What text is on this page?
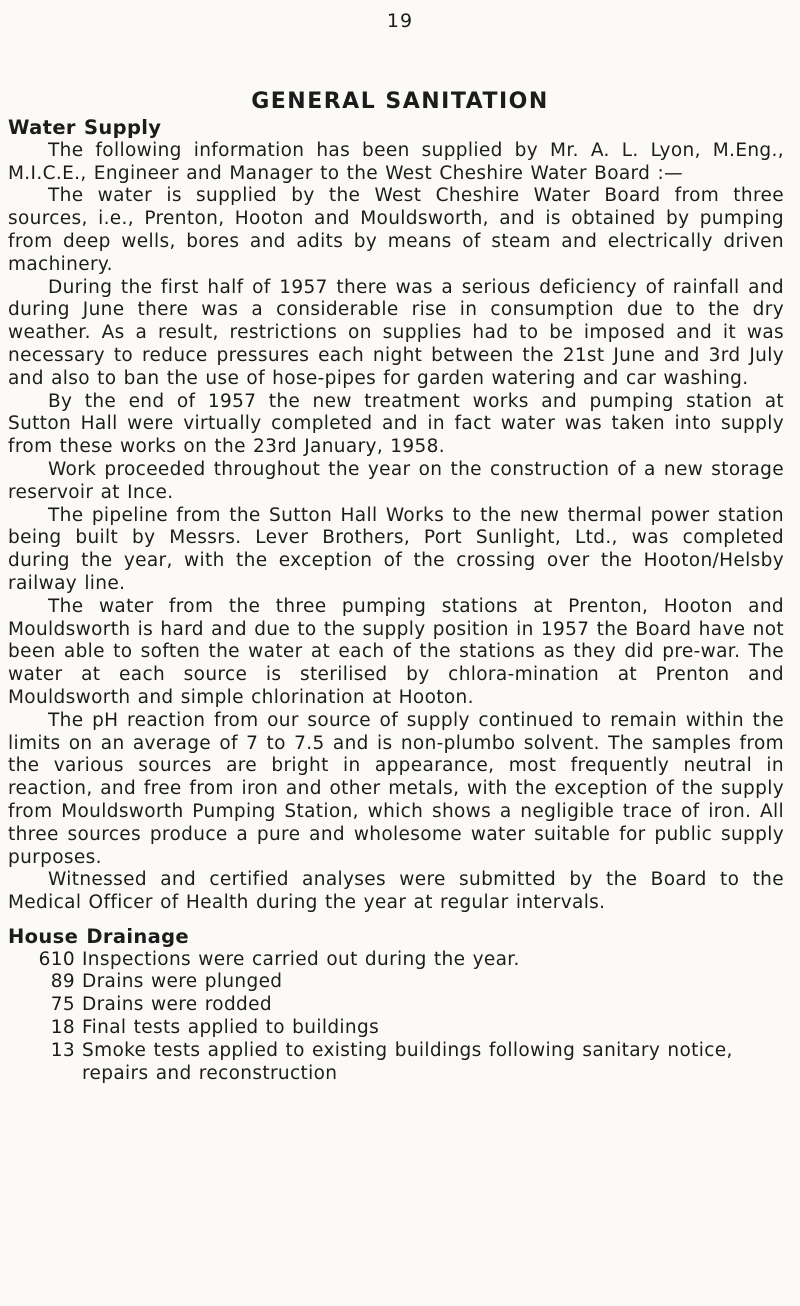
19
GENERAL SANITATION
Water Supply

The following information has been supplied by Mr. A. L. Lyon, M.Eng., M.I.C.E., Engineer and Manager to the West Cheshire Water Board :—

The water is supplied by the West Cheshire Water Board from three sources, i.e., Prenton, Hooton and Mouldsworth, and is obtained by pumping from deep wells, bores and adits by means of steam and electrically driven machinery.

During the first half of 1957 there was a serious deficiency of rainfall and during June there was a considerable rise in consumption due to the dry weather. As a result, restrictions on supplies had to be imposed and it was necessary to reduce pressures each night between the 21st June and 3rd July and also to ban the use of hose-pipes for garden watering and car washing.

By the end of 1957 the new treatment works and pumping station at Sutton Hall were virtually completed and in fact water was taken into supply from these works on the 23rd January, 1958.

Work proceeded throughout the year on the construction of a new storage reservoir at Ince.

The pipeline from the Sutton Hall Works to the new thermal power station being built by Messrs. Lever Brothers, Port Sunlight, Ltd., was completed during the year, with the exception of the crossing over the Hooton/Helsby railway line.

The water from the three pumping stations at Prenton, Hooton and Mouldsworth is hard and due to the supply position in 1957 the Board have not been able to soften the water at each of the stations as they did pre-war. The water at each source is sterilised by chlora-mination at Prenton and Mouldsworth and simple chlorination at Hooton.

The pH reaction from our source of supply continued to remain within the limits on an average of 7 to 7.5 and is non-plumbo solvent. The samples from the various sources are bright in appearance, most frequently neutral in reaction, and free from iron and other metals, with the exception of the supply from Mouldsworth Pumping Station, which shows a negligible trace of iron. All three sources produce a pure and wholesome water suitable for public supply purposes.

Witnessed and certified analyses were submitted by the Board to the Medical Officer of Health during the year at regular intervals.

House Drainage
610 Inspections were carried out during the year.
89 Drains were plunged
75 Drains were rodded
18 Final tests applied to buildings
13 Smoke tests applied to existing buildings following sanitary notice, repairs and reconstruction
